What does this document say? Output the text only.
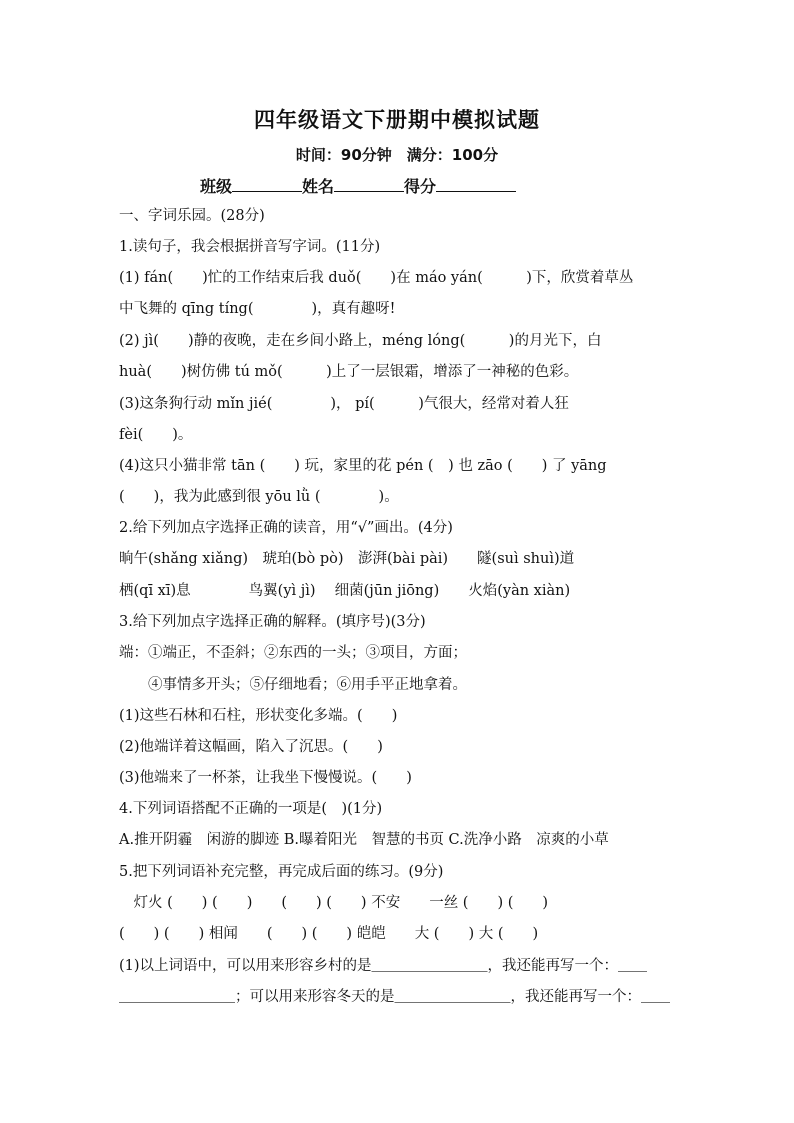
四年级语文下册期中模拟试题
时间：90分钟　满分：100分
班级	姓名	得分
一、字词乐园。(28分)
1.读句子，我会根据拼音写字词。(11分)
(1) fán(　　)忙的工作结束后我 duǒ(　　)在 máo yán(　　　)下，欣赏着草丛
中飞舞的 qīng tíng(　　　　)，真有趣呀!
(2) jì(　　)静的夜晚，走在乡间小路上，méng lóng(　　　)的月光下，白
huà(　　)树仿佛 tú mǒ(　　　)上了一层银霜，增添了一神秘的色彩。
(3)这条狗行动 mǐn jié(　　　　)， pí(　　　)气很大，经常对着人狂
fèi(　　)。
(4)这只小猫非常 tān (　　) 玩，家里的花 pén (　) 也 zāo (　　) 了 yāng
(　　)，我为此感到很 yōu lǜ (　　　　)。
2.给下列加点字选择正确的读音，用“√”画出。(4分)
晌午(shǎng xiǎng)　琥珀(bò pò)　澎湃(bài pài)　　隧(suì shuì)道
栖(qī xī)息　　　　鸟翼(yì jì)　 细菌(jūn jiōng)　　火焰(yàn xiàn)
3.给下列加点字选择正确的解释。(填序号)(3分)
端：①端正，不歪斜；②东西的一头；③项目，方面；
　　④事情多开头；⑤仔细地看；⑥用手平正地拿着。
(1)这些石林和石柱，形状变化多端。(　　)
(2)他端详着这幅画，陷入了沉思。(　　)
(3)他端来了一杯茶，让我坐下慢慢说。(　　)
4.下列词语搭配不正确的一项是(　)(1分)
A.推开阴霾　闲游的脚迹 B.曝着阳光　智慧的书页 C.洗净小路　凉爽的小草
5.把下列词语补充完整，再完成后面的练习。(9分)
　灯火 (　　) (　　)　　(　　) (　　) 不安　　一丝 (　　) (　　)
(　　) (　　) 相闻　　(　　) (　　) 皑皑　　大 (　　) 大 (　　)
(1)以上词语中，可以用来形容乡村的是＿＿＿＿＿＿＿＿，我还能再写一个：＿＿
＿＿＿＿＿＿＿＿；可以用来形容冬天的是＿＿＿＿＿＿＿＿，我还能再写一个：＿＿
